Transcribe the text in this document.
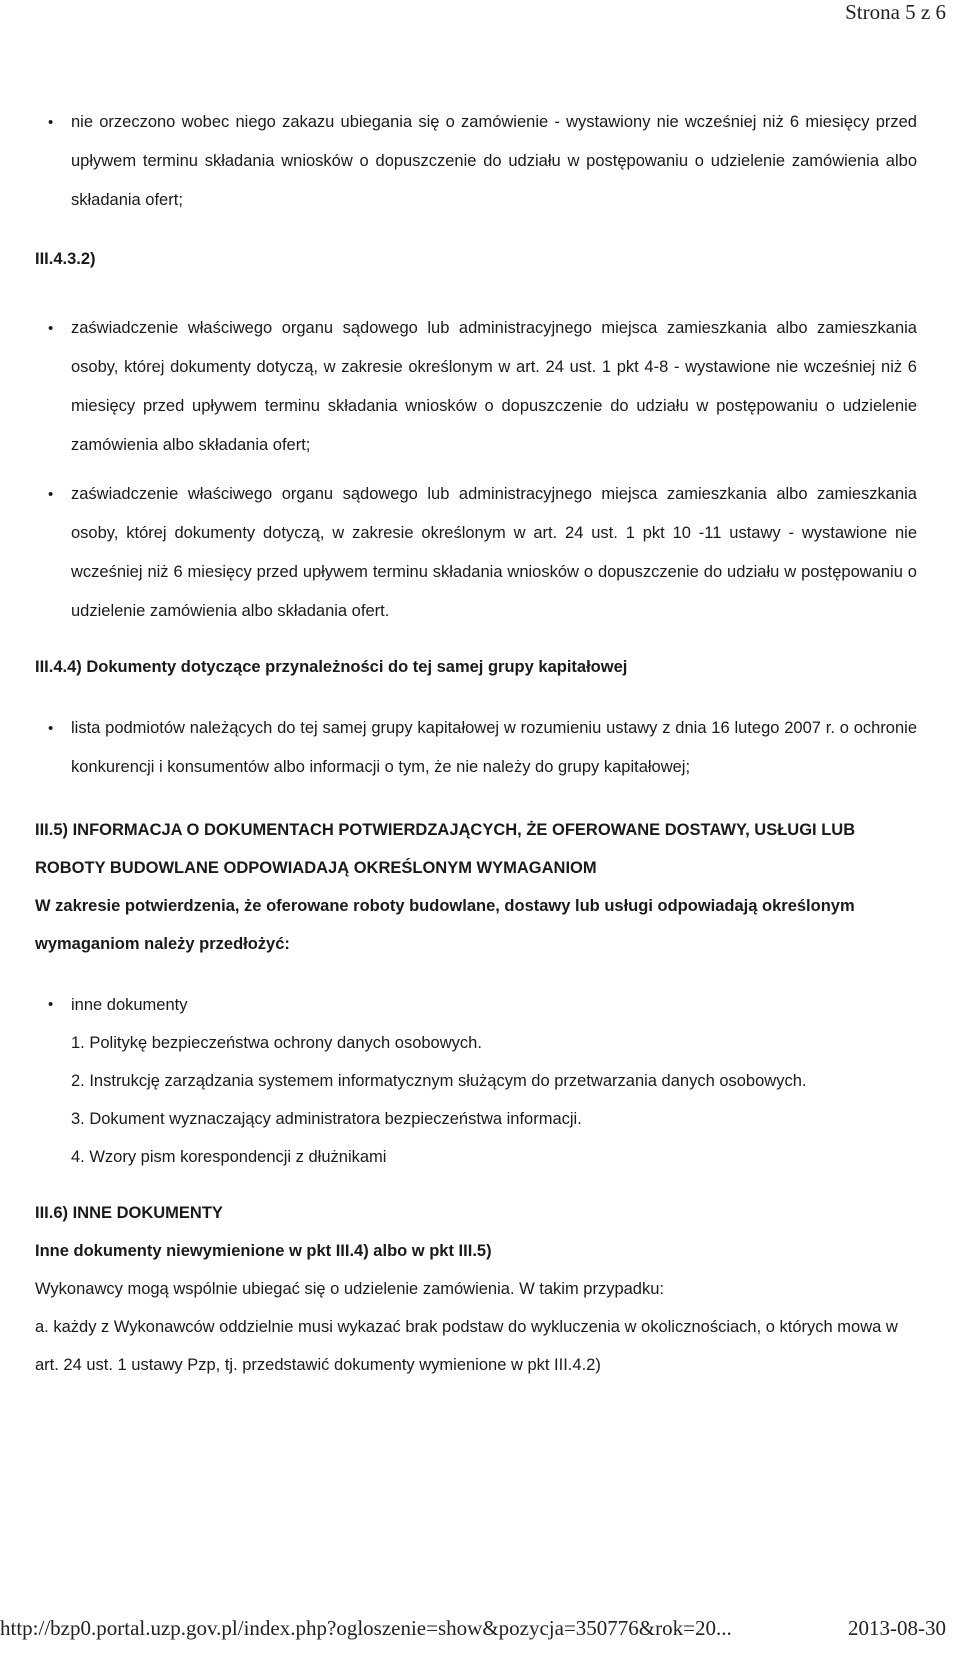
Strona 5 z 6
• nie orzeczono wobec niego zakazu ubiegania się o zamówienie - wystawiony nie wcześniej niż 6 miesięcy przed upływem terminu składania wniosków o dopuszczenie do udziału w postępowaniu o udzielenie zamówienia albo składania ofert;
III.4.3.2)
• zaświadczenie właściwego organu sądowego lub administracyjnego miejsca zamieszkania albo zamieszkania osoby, której dokumenty dotyczą, w zakresie określonym w art. 24 ust. 1 pkt 4-8 - wystawione nie wcześniej niż 6 miesięcy przed upływem terminu składania wniosków o dopuszczenie do udziału w postępowaniu o udzielenie zamówienia albo składania ofert;
• zaświadczenie właściwego organu sądowego lub administracyjnego miejsca zamieszkania albo zamieszkania osoby, której dokumenty dotyczą, w zakresie określonym w art. 24 ust. 1 pkt 10 -11 ustawy - wystawione nie wcześniej niż 6 miesięcy przed upływem terminu składania wniosków o dopuszczenie do udziału w postępowaniu o udzielenie zamówienia albo składania ofert.
III.4.4) Dokumenty dotyczące przynależności do tej samej grupy kapitałowej
• lista podmiotów należących do tej samej grupy kapitałowej w rozumieniu ustawy z dnia 16 lutego 2007 r. o ochronie konkurencji i konsumentów albo informacji o tym, że nie należy do grupy kapitałowej;
III.5) INFORMACJA O DOKUMENTACH POTWIERDZAJĄCYCH, ŻE OFEROWANE DOSTAWY, USŁUGI LUB ROBOTY BUDOWLANE ODPOWIADAJĄ OKREŚLONYM WYMAGANIOM
W zakresie potwierdzenia, że oferowane roboty budowlane, dostawy lub usługi odpowiadają określonym wymaganiom należy przedłożyć:
• inne dokumenty
1. Politykę bezpieczeństwa ochrony danych osobowych.
2. Instrukcję zarządzania systemem informatycznym służącym do przetwarzania danych osobowych.
3. Dokument wyznaczający administratora bezpieczeństwa informacji.
4. Wzory pism korespondencji z dłużnikami
III.6) INNE DOKUMENTY
Inne dokumenty niewymienione w pkt III.4) albo w pkt III.5)
Wykonawcy mogą wspólnie ubiegać się o udzielenie zamówienia. W takim przypadku:
a. każdy z Wykonawców oddzielnie musi wykazać brak podstaw do wykluczenia w okolicznościach, o których mowa w art. 24 ust. 1 ustawy Pzp, tj. przedstawić dokumenty wymienione w pkt III.4.2)
http://bzp0.portal.uzp.gov.pl/index.php?ogloszenie=show&pozycja=350776&rok=20...	2013-08-30
